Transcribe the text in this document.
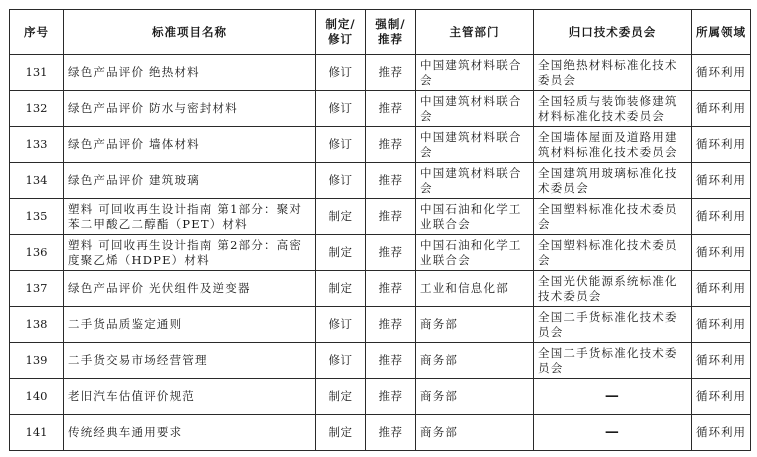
序号	标准项目名称	制定/修订	强制/推荐	主管部门	归口技术委员会	所属领域
131	绿色产品评价 绝热材料	修订	推荐	中国建筑材料联合会	全国绝热材料标准化技术委员会	循环利用
132	绿色产品评价 防水与密封材料	修订	推荐	中国建筑材料联合会	全国轻质与装饰装修建筑材料标准化技术委员会	循环利用
133	绿色产品评价 墙体材料	修订	推荐	中国建筑材料联合会	全国墙体屋面及道路用建筑材料标准化技术委员会	循环利用
134	绿色产品评价 建筑玻璃	修订	推荐	中国建筑材料联合会	全国建筑用玻璃标准化技术委员会	循环利用
135	塑料 可回收再生设计指南 第1部分：聚对苯二甲酸乙二醇酯（PET）材料	制定	推荐	中国石油和化学工业联合会	全国塑料标准化技术委员会	循环利用
136	塑料 可回收再生设计指南 第2部分：高密度聚乙烯（HDPE）材料	制定	推荐	中国石油和化学工业联合会	全国塑料标准化技术委员会	循环利用
137	绿色产品评价 光伏组件及逆变器	制定	推荐	工业和信息化部	全国光伏能源系统标准化技术委员会	循环利用
138	二手货品质鉴定通则	修订	推荐	商务部	全国二手货标准化技术委员会	循环利用
139	二手货交易市场经营管理	修订	推荐	商务部	全国二手货标准化技术委员会	循环利用
140	老旧汽车估值评价规范	制定	推荐	商务部	—	循环利用
141	传统经典车通用要求	制定	推荐	商务部	—	循环利用
